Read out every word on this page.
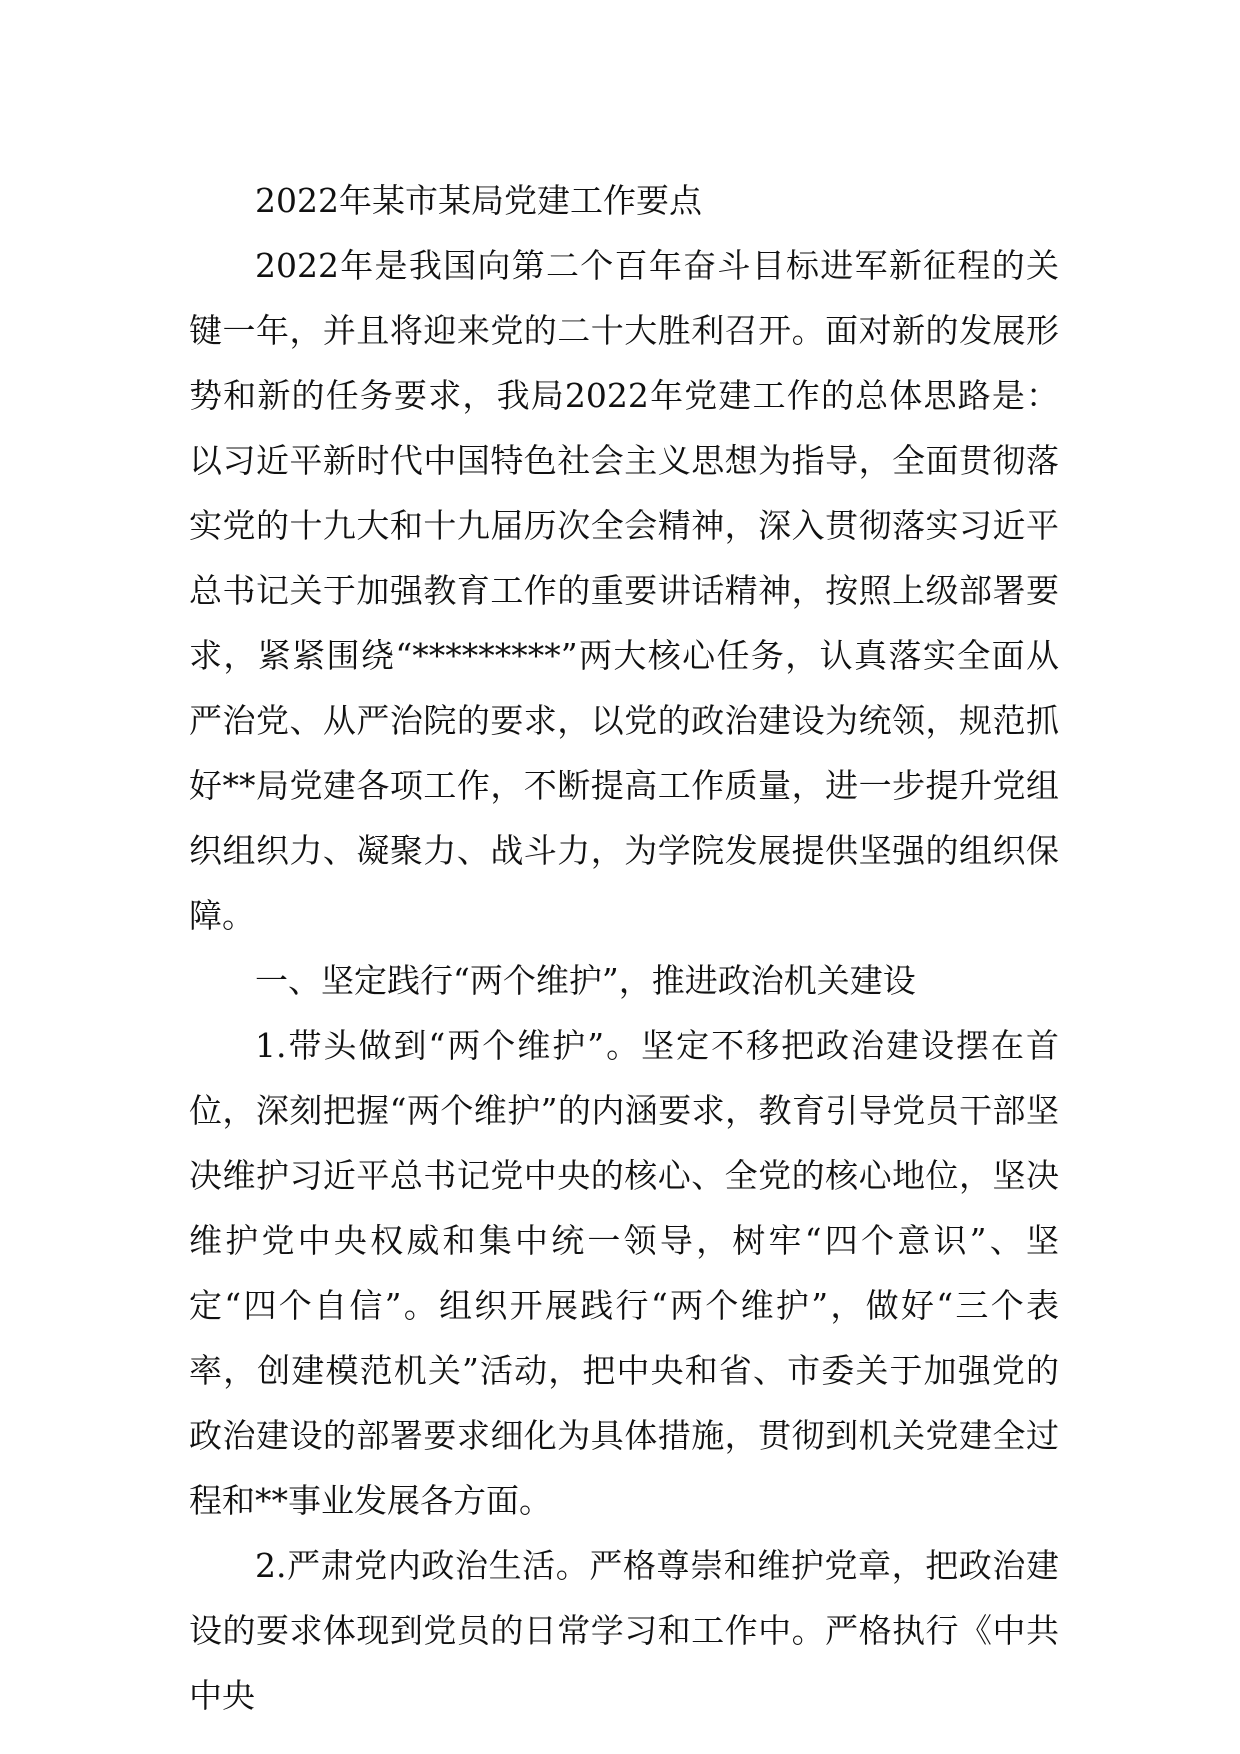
2022年某市某局党建工作要点

2022年是我国向第二个百年奋斗目标进军新征程的关键一年，并且将迎来党的二十大胜利召开。面对新的发展形势和新的任务要求，我局2022年党建工作的总体思路是：以习近平新时代中国特色社会主义思想为指导，全面贯彻落实党的十九大和十九届历次全会精神，深入贯彻落实习近平总书记关于加强教育工作的重要讲话精神，按照上级部署要求，紧紧围绕“*********”两大核心任务，认真落实全面从严治党、从严治院的要求，以党的政治建设为统领，规范抓好**局党建各项工作，不断提高工作质量，进一步提升党组织组织力、凝聚力、战斗力，为学院发展提供坚强的组织保障。

一、坚定践行“两个维护”，推进政治机关建设

1.带头做到“两个维护”。坚定不移把政治建设摆在首位，深刻把握“两个维护”的内涵要求，教育引导党员干部坚决维护习近平总书记党中央的核心、全党的核心地位，坚决维护党中央权威和集中统一领导，树牢“四个意识”、坚定“四个自信”。组织开展践行“两个维护”，做好“三个表率，创建模范机关”活动，把中央和省、市委关于加强党的政治建设的部署要求细化为具体措施，贯彻到机关党建全过程和**事业发展各方面。

2.严肃党内政治生活。严格尊崇和维护党章，把政治建设的要求体现到党员的日常学习和工作中。严格执行《中共中央
